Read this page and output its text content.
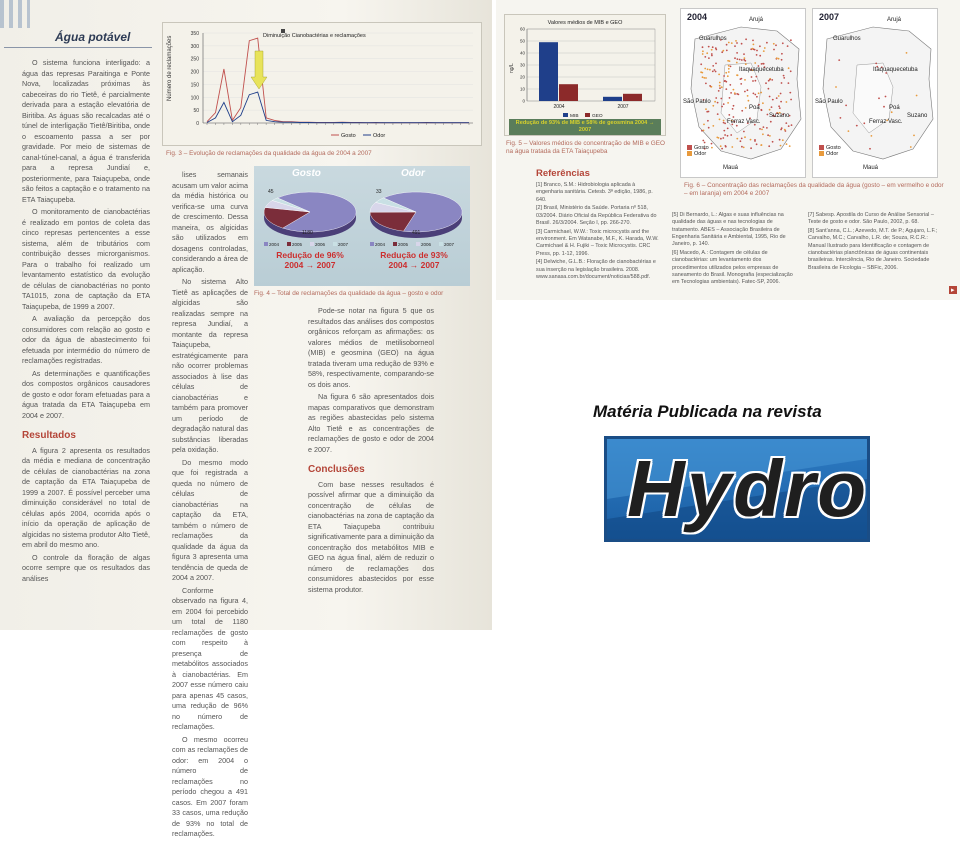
Água potável

O sistema funciona interligado: a água das represas Paraitinga e Ponte Nova, localizadas próximas às cabeceiras do rio Tietê, é parcialmente derivada para a estação elevatória de Biritiba. As águas são recalcadas até o túnel de interligação Tietê/Biritiba, onde o escoamento passa a ser por gravidade. Por meio de sistemas de canal-túnel-canal, a água é transferida para a represa Jundiaí e, posteriormente, para Taiaçupeba, onde são feitos a captação e o tratamento na ETA Taiaçupeba.

O monitoramento de cianobactérias é realizado em pontos de coleta das cinco represas pertencentes a esse sistema, além de tributários com contribuição desses microrganismos. Para o trabalho foi realizado um levantamento estatístico da evolução de células de cianobactérias no ponto TA1015, zona de captação da ETA Taiaçupeba, de 1999 a 2007.

A avaliação da percepção dos consumidores com relação ao gosto e odor da água de abastecimento foi efetuada por intermédio do número de reclamações registradas.

As determinações e quantificações dos compostos orgânicos causadores de gosto e odor foram efetuadas para a água tratada da ETA Taiaçupeba em 2004 e 2007.

Resultados

A figura 2 apresenta os resultados da média e mediana de concentração de células de cianobactérias na zona de captação da ETA Taiaçupeba de 1999 a 2007. É possível perceber uma diminuição considerável no total de células após 2004, ocorrida após o início da operação de aplicação de algicidas no sistema produtor Alto Tietê, em abril do mesmo ano.

O controle da floração de algas ocorre sempre que os resultados das análises

Número de reclamações
350
300
250
200
150
100
50
0
Diminuição Cianobactérias e reclamações
Gosto	Odor
Fig. 3 – Evolução de reclamações da qualidade da água de 2004 a 2007

lises semanais acusam um valor acima da média histórica ou verifica-se uma curva de crescimento. Dessa maneira, os algicidas são utilizados em dosagens controladas, considerando a área de aplicação.

No sistema Alto Tietê as aplicações de algicidas são realizadas sempre na represa Jundiaí, a montante da represa Taiaçupeba, estratégicamente para não ocorrer problemas associados à lise das células de cianobactérias e também para promover um período de degradação natural das substâncias liberadas pela oxidação.

Do mesmo modo que foi registrada a queda no número de células de cianobactérias na captação da ETA, também o número de reclamações da qualidade da água da figura 3 apresenta uma tendência de queda de 2004 a 2007.

Conforme observado na figura 4, em 2004 foi percebido um total de 1180 reclamações de gosto com respeito à presença de metabólitos associados à cianobactérias. Em 2007 esse número caiu para apenas 45 casos, uma redução de 96% no número de reclamações.

O mesmo ocorreu com as reclamações de odor: em 2004 o número de reclamações no período chegou a 491 casos. Em 2007 foram 33 casos, uma redução de 93% no total de reclamações.

Gosto	Odor
45
1180
33
491
2004	2005	2006	2007	2004	2005	2006	2007
Redução de 96% 2004 → 2007
Redução de 93% 2004 → 2007
Fig. 4 – Total de reclamações da qualidade da água – gosto e odor

Pode-se notar na figura 5 que os resultados das análises dos compostos orgânicos reforçam as afirmações: os valores médios de metilisoborneol (MIB) e geosmina (GEO) na água tratada tiveram uma redução de 93% e 58%, respectivamente, comparando-se os dois anos.

Na figura 6 são apresentados dois mapas comparativos que demonstram as regiões abastecidas pelo sistema Alto Tietê e as concentrações de reclamações de gosto e odor de 2004 e 2007.

Conclusões

Com base nesses resultados é possível afirmar que a diminuição da concentração de células de cianobactérias na zona de captação da ETA Taiaçupeba contribuiu significativamente para a diminuição da concentração dos metabólitos MIB e GEO na água final, além de reduzir o número de reclamações dos consumidores abastecidos por esse sistema produtor.

Valores médios de MIB e GEO
ng/L
0
10
20
30
40
50
60
2004	2007
MIB	GEO
Redução de 93% de MIB e 58% de geosmina 2004 → 2007
Fig. 5 – Valores médios de concentração de MIB e GEO na água tratada da ETA Taiaçupeba
2004	Arujá
Guarulhos
Itaquaquecetuba
São Paulo
Poá
Suzano
Ferraz Vasc.
Mauá
Gosto
Odor
2007	Arujá
Guarulhos
Itaquaquecetuba
São Paulo
Poá
Suzano
Ferraz Vasc.
Mauá
Gosto
Odor
Fig. 6 – Concentração das reclamações da qualidade da água (gosto – em vermelho e odor – em laranja) em 2004 e 2007
▸
Referências
[1] Branco, S.M.: Hidrobiologia aplicada à engenharia sanitária. Cetesb. 3ª edição, 1986, p. 640.
[2] Brasil, Ministério da Saúde. Portaria nº 518, 03/2004. Diário Oficial da República Federativa do Brasil. 26/3/2004. Seção I, pp. 266-270.
[3] Carmichael, W.W.: Toxic microcystis and the environment. Em Watanabe, M.F., K. Harada, W.W. Carmichael & H. Fujiki – Toxic Microcystis. CRC Press, pp. 1-12, 1996.
[4] Delwiche, G.L.B.: Floração de cianobactérias e sua inserção na legislação brasileira. 2008. www.sanasa.com.br/document/noticias/588.pdf.
[5] Di Bernardo, L.: Algas e suas influências na qualidade das águas e nas tecnologias de tratamento. ABES – Associação Brasileira de Engenharia Sanitária e Ambiental, 1995, Rio de Janeiro, p. 140.
[6] Macedo, A.: Contagem de células de cianobactérias: um levantamento dos procedimentos utilizados pelos empresas de saneamento do Brasil. Monografia (especialização em Tecnologias ambientais). Fatec-SP, 2006.
[7] Sabesp. Apostila do Curso de Análise Sensorial – Teste de gosto e odor. São Paulo, 2002, p. 68.
[8] Sant'anna, C.L.; Azevedo, M.T. de P.; Agujaro, L.F.; Carvalho, M.C.; Carvalho, L.R. de; Souza, R.C.R.: Manual Ilustrado para Identificação e contagem de cianobactérias planctônicas de águas continentais brasileiras. Interciência, Rio de Janeiro. Sociedade Brasileira de Ficologia – SBFic, 2006.
Matéria Publicada na revista
Hydro
